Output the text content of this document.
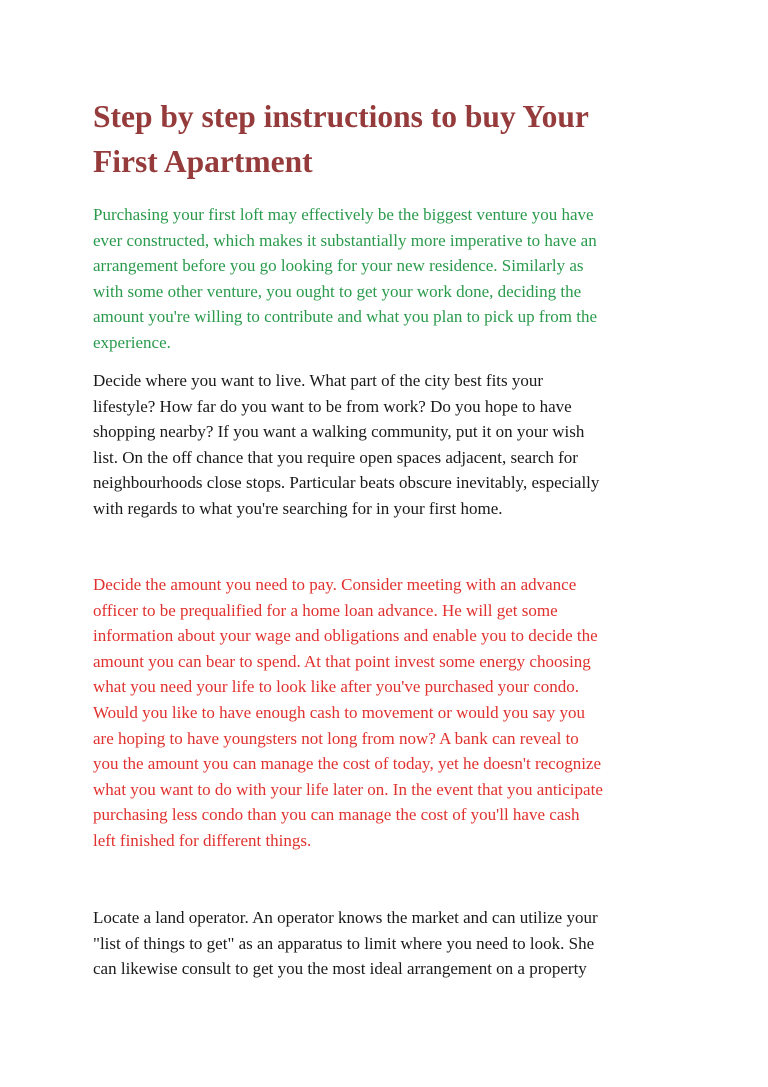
Step by step instructions to buy Your
First Apartment

Purchasing your first loft may effectively be the biggest venture you have
ever constructed, which makes it substantially more imperative to have an
arrangement before you go looking for your new residence. Similarly as
with some other venture, you ought to get your work done, deciding the
amount you're willing to contribute and what you plan to pick up from the
experience.

Decide where you want to live. What part of the city best fits your
lifestyle? How far do you want to be from work? Do you hope to have
shopping nearby? If you want a walking community, put it on your wish
list. On the off chance that you require open spaces adjacent, search for
neighbourhoods close stops. Particular beats obscure inevitably, especially
with regards to what you're searching for in your first home.

Decide the amount you need to pay. Consider meeting with an advance
officer to be prequalified for a home loan advance. He will get some
information about your wage and obligations and enable you to decide the
amount you can bear to spend. At that point invest some energy choosing
what you need your life to look like after you've purchased your condo.
Would you like to have enough cash to movement or would you say you
are hoping to have youngsters not long from now? A bank can reveal to
you the amount you can manage the cost of today, yet he doesn't recognize
what you want to do with your life later on. In the event that you anticipate
purchasing less condo than you can manage the cost of you'll have cash
left finished for different things.

Locate a land operator. An operator knows the market and can utilize your
"list of things to get" as an apparatus to limit where you need to look. She
can likewise consult to get you the most ideal arrangement on a property
